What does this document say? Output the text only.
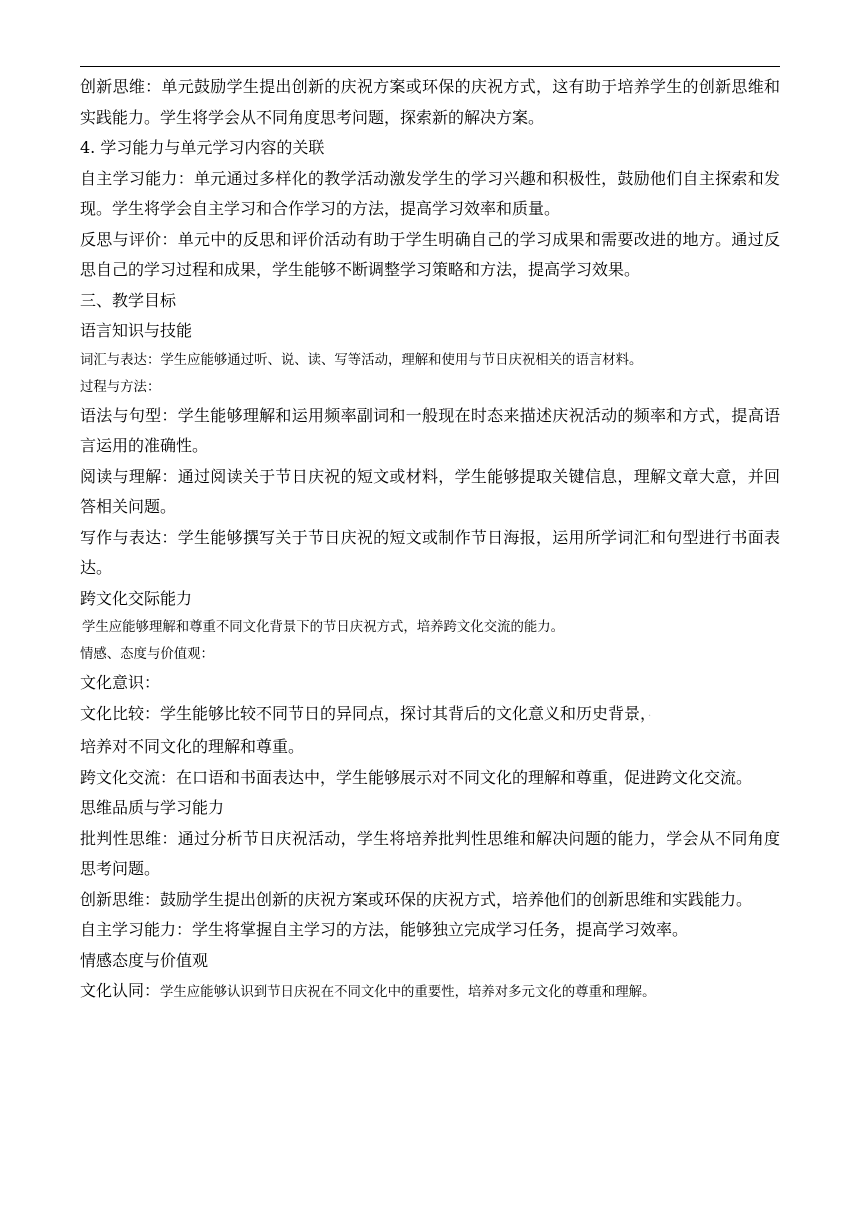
创新思维：单元鼓励学生提出创新的庆祝方案或环保的庆祝方式，这有助于培养学生的创新思维和实践能力。学生将学会从不同角度思考问题，探索新的解决方案。

4. 学习能力与单元学习内容的关联

自主学习能力：单元通过多样化的教学活动激发学生的学习兴趣和积极性，鼓励他们自主探索和发现。学生将学会自主学习和合作学习的方法，提高学习效率和质量。

反思与评价：单元中的反思和评价活动有助于学生明确自己的学习成果和需要改进的地方。通过反思自己的学习过程和成果，学生能够不断调整学习策略和方法，提高学习效果。

三、教学目标

语言知识与技能

词汇与表达：学生应能够通过听、说、读、写等活动，理解和使用与节日庆祝相关的语言材料。

过程与方法：

语法与句型：学生能够理解和运用频率副词和一般现在时态来描述庆祝活动的频率和方式，提高语言运用的准确性。

阅读与理解：通过阅读关于节日庆祝的短文或材料，学生能够提取关键信息，理解文章大意，并回答相关问题。

写作与表达：学生能够撰写关于节日庆祝的短文或制作节日海报，运用所学词汇和句型进行书面表达。

跨文化交际能力

学生应能够理解和尊重不同文化背景下的节日庆祝方式，培养跨文化交流的能力。

情感、态度与价值观：

文化意识：

文化比较：学生能够比较不同节日的异同点，探讨其背后的文化意义和历史背景，·

培养对不同文化的理解和尊重。

跨文化交流：在口语和书面表达中，学生能够展示对不同文化的理解和尊重，促进跨文化交流。

思维品质与学习能力

批判性思维：通过分析节日庆祝活动，学生将培养批判性思维和解决问题的能力，学会从不同角度思考问题。

创新思维：鼓励学生提出创新的庆祝方案或环保的庆祝方式，培养他们的创新思维和实践能力。

自主学习能力：学生将掌握自主学习的方法，能够独立完成学习任务，提高学习效率。

情感态度与价值观

文化认同：学生应能够认识到节日庆祝在不同文化中的重要性，培养对多元文化的尊重和理解。
